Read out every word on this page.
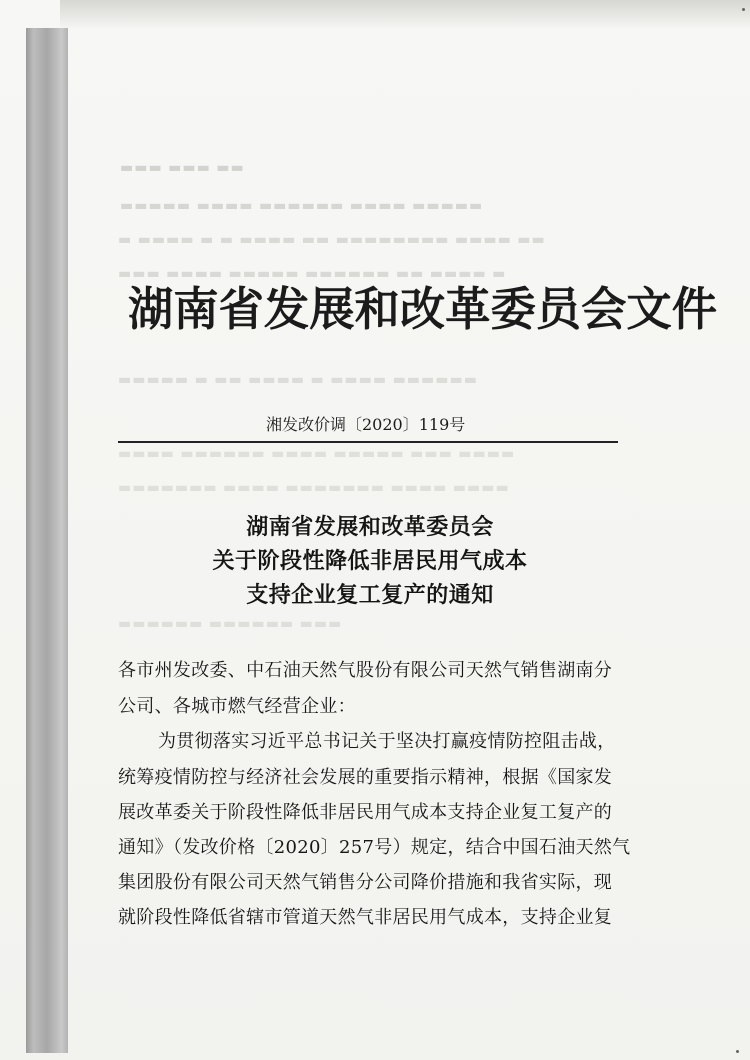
▬▬▬ ▬▬▬ ▬▬
▬▬▬▬▬ ▬▬▬▬ ▬▬▬▬▬▬ ▬▬▬▬ ▬▬▬▬▬
▬ ▬▬▬▬ ▬ ▬ ▬▬▬▬ ▬▬ ▬▬▬▬▬▬▬▬ ▬▬▬▬ ▬▬
▬▬▬ ▬▬▬▬ ▬▬▬▬▬ ▬▬▬▬▬▬ ▬▬ ▬▬▬▬ ▬
▬▬▬▬▬ ▬ ▬▬ ▬▬▬▬ ▬ ▬▬▬▬ ▬▬▬▬▬▬
▬▬▬▬ ▬▬▬▬▬▬ ▬▬▬▬ ▬▬▬▬▬ ▬▬▬ ▬▬▬▬
▬▬▬▬▬▬▬ ▬▬▬▬ ▬▬▬▬▬▬▬ ▬▬▬▬ ▬▬▬▬
▬▬▬▬▬▬ ▬▬▬▬▬▬ ▬▬▬
湖南省发展和改革委员会文件
湘发改价调〔2020〕119号
湖南省发展和改革委员会
关于阶段性降低非居民用气成本
支持企业复工复产的通知
各市州发改委、中石油天然气股份有限公司天然气销售湖南分
公司、各城市燃气经营企业：
为贯彻落实习近平总书记关于坚决打赢疫情防控阻击战，
统筹疫情防控与经济社会发展的重要指示精神，根据《国家发
展改革委关于阶段性降低非居民用气成本支持企业复工复产的
通知》（发改价格〔2020〕257号）规定，结合中国石油天然气
集团股份有限公司天然气销售分公司降价措施和我省实际，现
就阶段性降低省辖市管道天然气非居民用气成本，支持企业复
